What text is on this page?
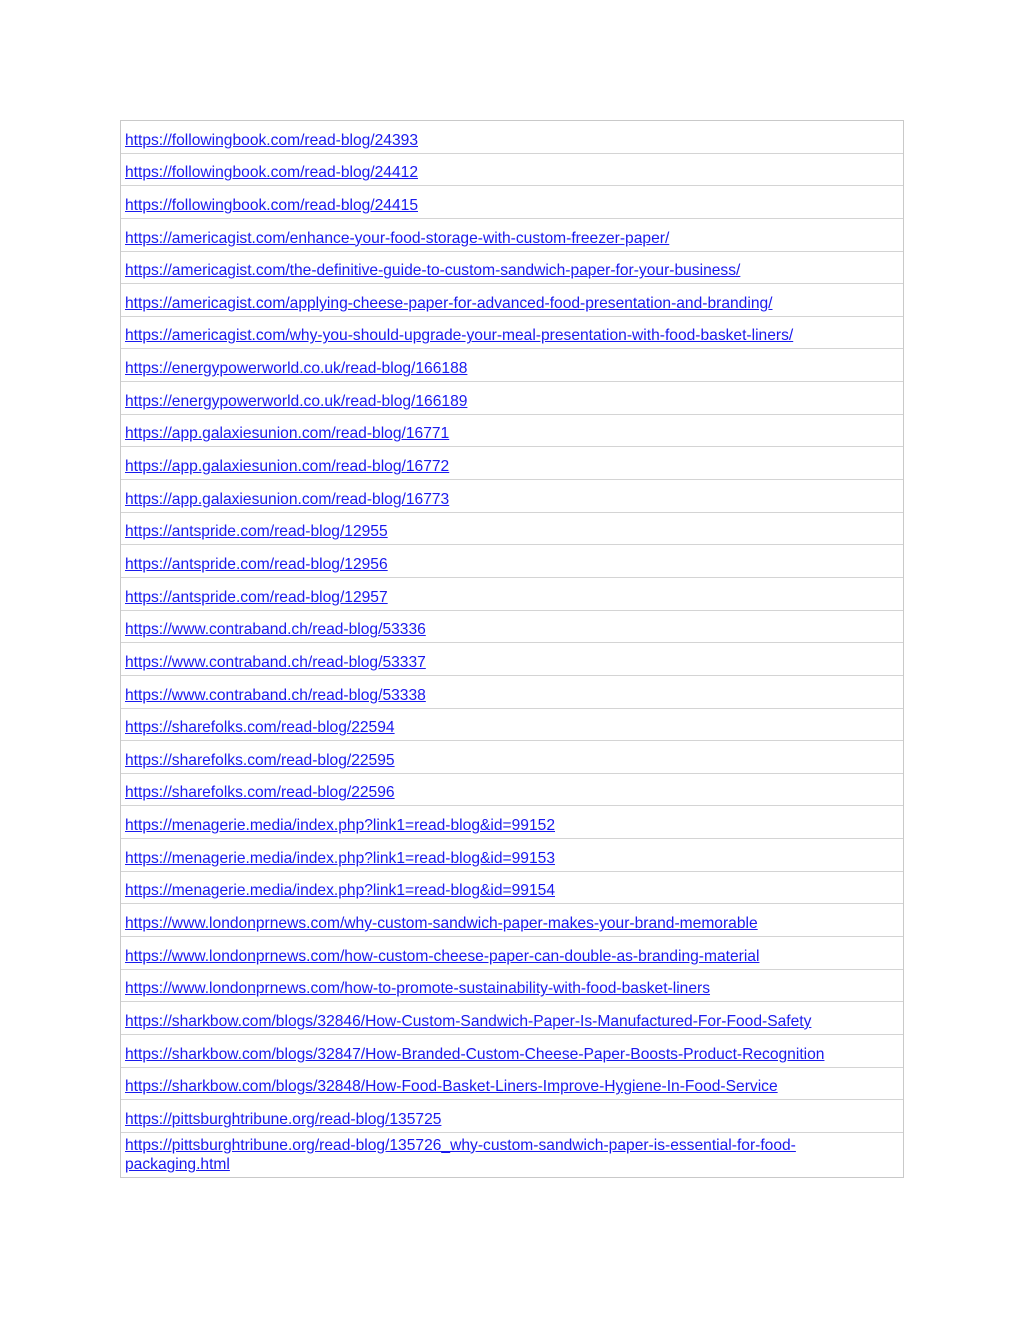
https://followingbook.com/read-blog/24393
https://followingbook.com/read-blog/24412
https://followingbook.com/read-blog/24415
https://americagist.com/enhance-your-food-storage-with-custom-freezer-paper/
https://americagist.com/the-definitive-guide-to-custom-sandwich-paper-for-your-business/
https://americagist.com/applying-cheese-paper-for-advanced-food-presentation-and-branding/
https://americagist.com/why-you-should-upgrade-your-meal-presentation-with-food-basket-liners/
https://energypowerworld.co.uk/read-blog/166188
https://energypowerworld.co.uk/read-blog/166189
https://app.galaxiesunion.com/read-blog/16771
https://app.galaxiesunion.com/read-blog/16772
https://app.galaxiesunion.com/read-blog/16773
https://antspride.com/read-blog/12955
https://antspride.com/read-blog/12956
https://antspride.com/read-blog/12957
https://www.contraband.ch/read-blog/53336
https://www.contraband.ch/read-blog/53337
https://www.contraband.ch/read-blog/53338
https://sharefolks.com/read-blog/22594
https://sharefolks.com/read-blog/22595
https://sharefolks.com/read-blog/22596
https://menagerie.media/index.php?link1=read-blog&id=99152
https://menagerie.media/index.php?link1=read-blog&id=99153
https://menagerie.media/index.php?link1=read-blog&id=99154
https://www.londonprnews.com/why-custom-sandwich-paper-makes-your-brand-memorable
https://www.londonprnews.com/how-custom-cheese-paper-can-double-as-branding-material
https://www.londonprnews.com/how-to-promote-sustainability-with-food-basket-liners
https://sharkbow.com/blogs/32846/How-Custom-Sandwich-Paper-Is-Manufactured-For-Food-Safety
https://sharkbow.com/blogs/32847/How-Branded-Custom-Cheese-Paper-Boosts-Product-Recognition
https://sharkbow.com/blogs/32848/How-Food-Basket-Liners-Improve-Hygiene-In-Food-Service
https://pittsburghtribune.org/read-blog/135725
https://pittsburghtribune.org/read-blog/135726_why-custom-sandwich-paper-is-essential-for-food-packaging.html
